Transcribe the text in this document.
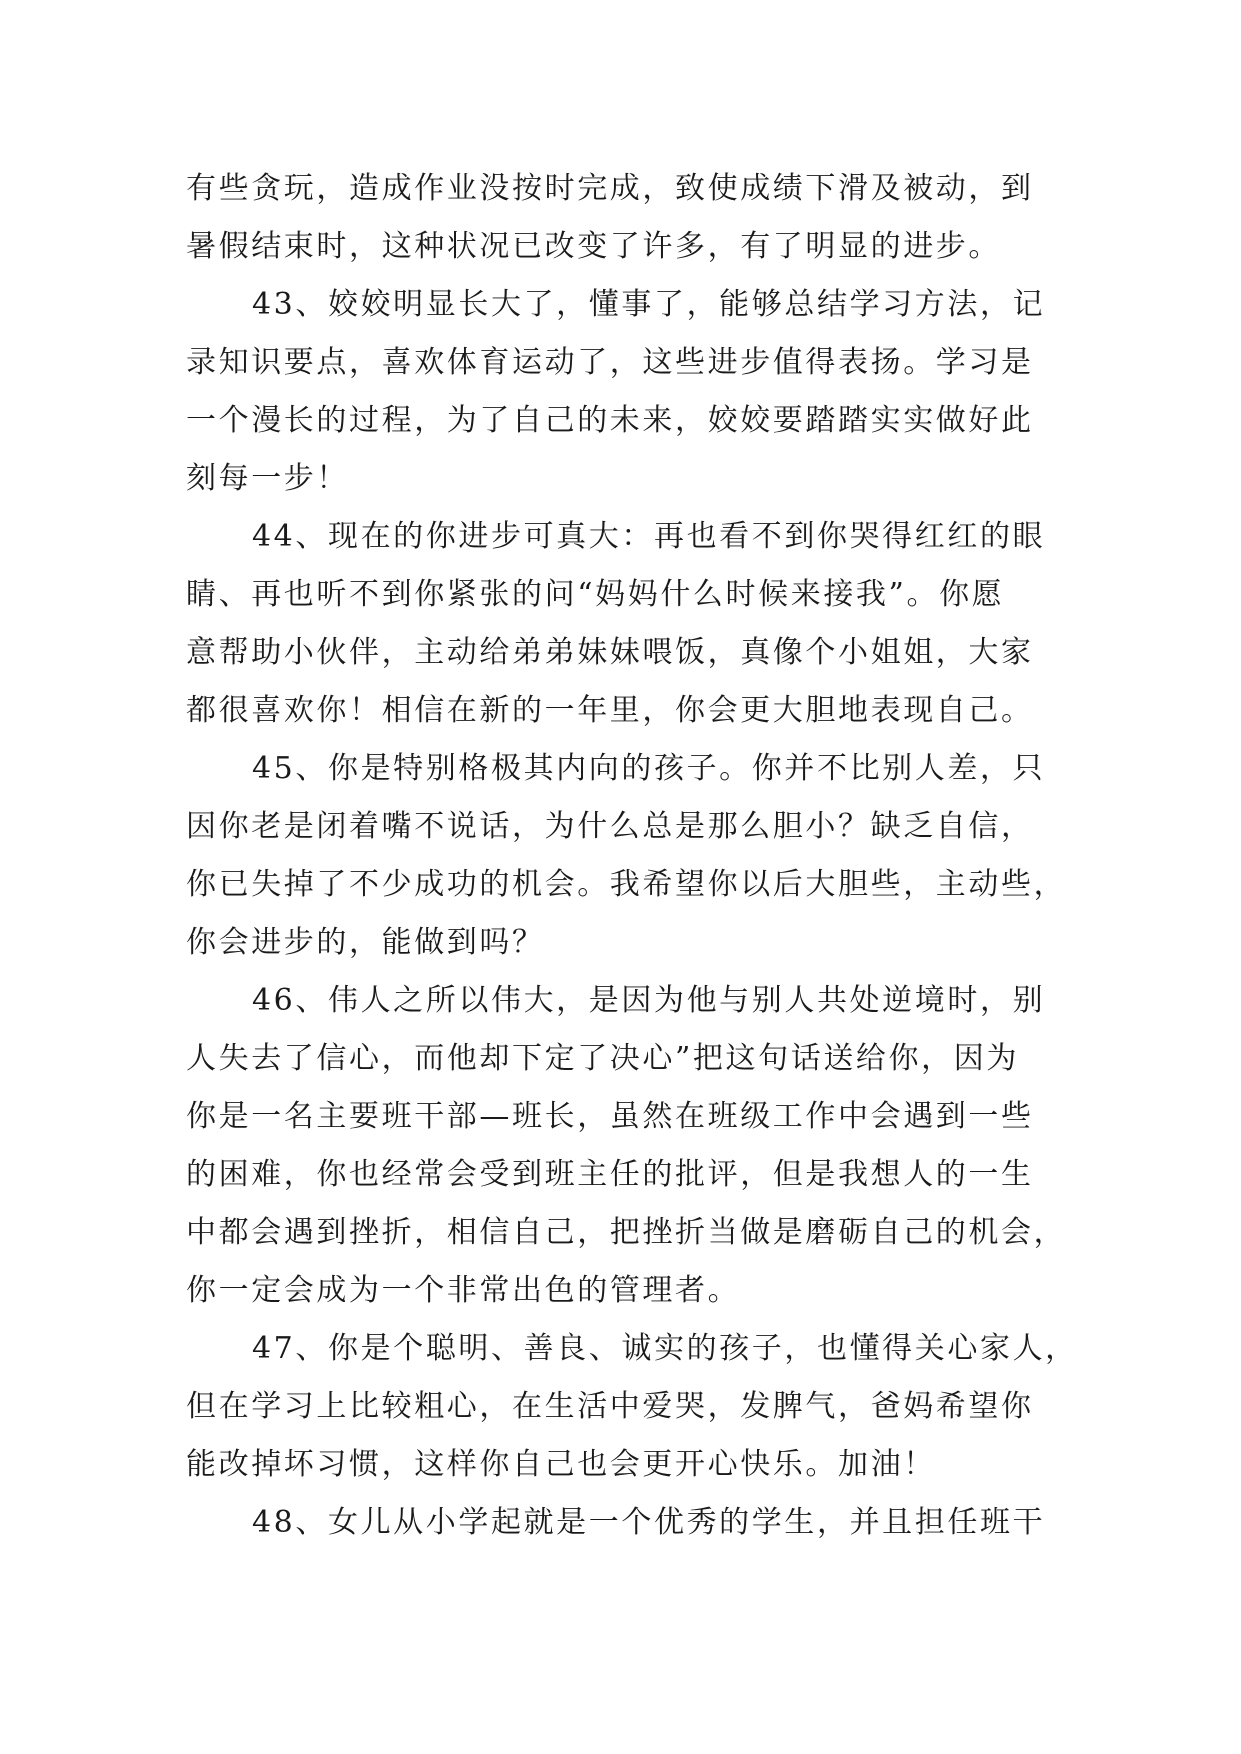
有些贪玩，造成作业没按时完成，致使成绩下滑及被动，到
暑假结束时，这种状况已改变了许多，有了明显的进步。
43、姣姣明显长大了，懂事了，能够总结学习方法，记
录知识要点，喜欢体育运动了，这些进步值得表扬。学习是
一个漫长的过程，为了自己的未来，姣姣要踏踏实实做好此
刻每一步！
44、现在的你进步可真大：再也看不到你哭得红红的眼
睛、再也听不到你紧张的问“妈妈什么时候来接我”。你愿
意帮助小伙伴，主动给弟弟妹妹喂饭，真像个小姐姐，大家
都很喜欢你！相信在新的一年里，你会更大胆地表现自己。
45、你是特别格极其内向的孩子。你并不比别人差，只
因你老是闭着嘴不说话，为什么总是那么胆小？缺乏自信，
你已失掉了不少成功的机会。我希望你以后大胆些，主动些，
你会进步的，能做到吗？
46、伟人之所以伟大，是因为他与别人共处逆境时，别
人失去了信心，而他却下定了决心”把这句话送给你，因为
你是一名主要班干部—班长，虽然在班级工作中会遇到一些
的困难，你也经常会受到班主任的批评，但是我想人的一生
中都会遇到挫折，相信自己，把挫折当做是磨砺自己的机会，
你一定会成为一个非常出色的管理者。
47、你是个聪明、善良、诚实的孩子，也懂得关心家人，
但在学习上比较粗心，在生活中爱哭，发脾气，爸妈希望你
能改掉坏习惯，这样你自己也会更开心快乐。加油！
48、女儿从小学起就是一个优秀的学生，并且担任班干
